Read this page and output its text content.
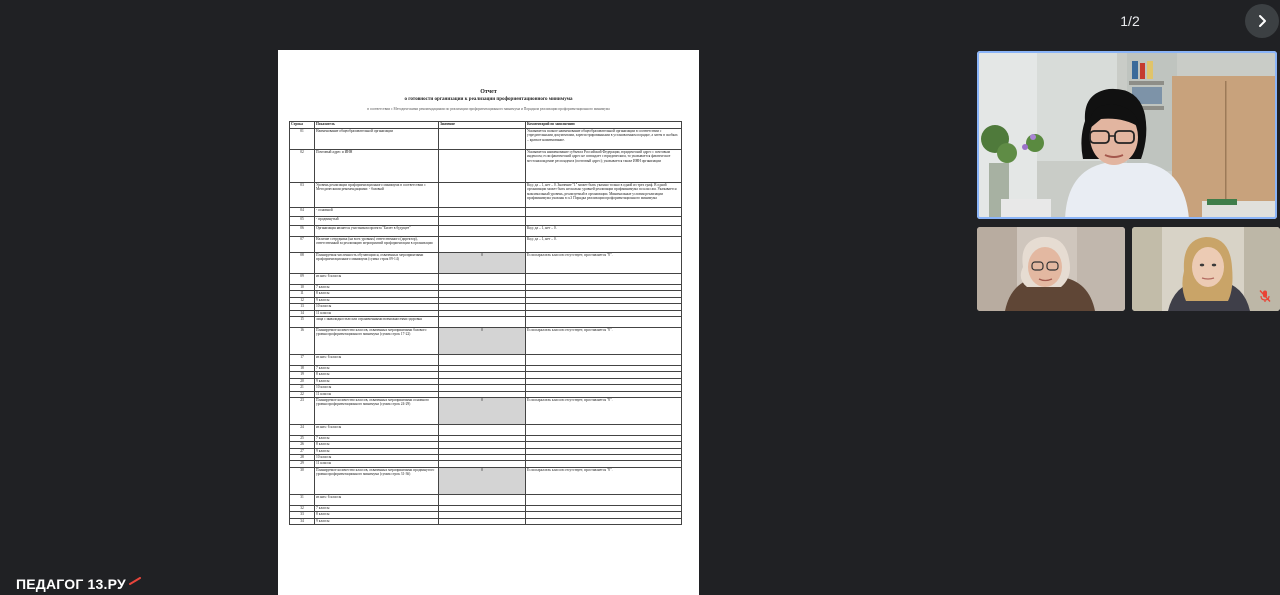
1/2
Отчет
о готовности организации к реализации профориентационного минимума
в соответствии с Методическими рекомендациями по реализации профориентационного минимума и Порядком реализации профориентационного минимума
Строка	Показатель	Значение	Комментарий по заполнению
01	Наименование общеобразовательной организации		Указывается полное наименование общеобразовательной организации в соответствии с учредительными документами, зарегистрированными в установленном порядке, а затем в скобках – краткое наименование.
02	Почтовый адрес и ИНН		Указывается наименование субъекта Российской Федерации, юридический адрес с почтовым индексом; если фактический адрес не совпадает с юридическим, то указывается фактическое местонахождение респондента (почтовый адрес); указывается также ИНН организации
03	Уровень реализации профориентационного минимума в соответствии с Методическими рекомендациями: - базовый		Код: да – 1, нет – 0. Значение "1" может быть указано только в одной из трех граф. В одной организации может быть несколько уровней реализации профминимума по классам. Указывается максимальный уровень, реализуемый в организации. Минимальные условия реализации профминимума указаны в п.3 Порядка реализации профориентационного минимума
04	- основной		
05	- продвинутый		
06	Организация является участником проекта "Билет в будущее"		Код: да – 1, нет – 0.
07	Наличие сотрудника (на всех уровнях) ответственного (директор), ответственный за реализацию мероприятий профориентации в организации		Код: да – 1, нет – 0.
08	Планируемая численность обучающихся, охваченных мероприятиями профориентационного минимума (сумма строк 09-14)	0	Если параллель классов отсутствует, проставляется "0".
09	из них: 6 классы		
10	7 классы		
11	8 классы		
12	9 классы		
13	10 классы		
14	11 классы		
15	лица с инвалидностью или ограниченными возможностями здоровья		
16	Планируемое количество классов, охваченных мероприятиями базового уровня профориентационного минимума (сумма строк 17-22)	0	Если параллель классов отсутствует, проставляется "0".
17	из них: 6 классы		
18	7 классы		
19	8 классы		
20	9 классы		
21	10 классы		
22	11 классы		
23	Планируемое количество классов, охваченных мероприятиями основного уровня профориентационного минимума (сумма строк 24-29)	0	Если параллель классов отсутствует, проставляется "0".
24	из них: 6 классы		
25	7 классы		
26	8 классы		
27	9 классы		
28	10 классы		
29	11 классы		
30	Планируемое количество классов, охваченных мероприятиями продвинутого уровня профориентационного минимума (сумма строк 31-36)	0	Если параллель классов отсутствует, проставляется "0".
31	из них: 6 классы		
32	7 классы		
33	8 классы		
34	9 классы		
ПЕДАГОГ 13.РУ
